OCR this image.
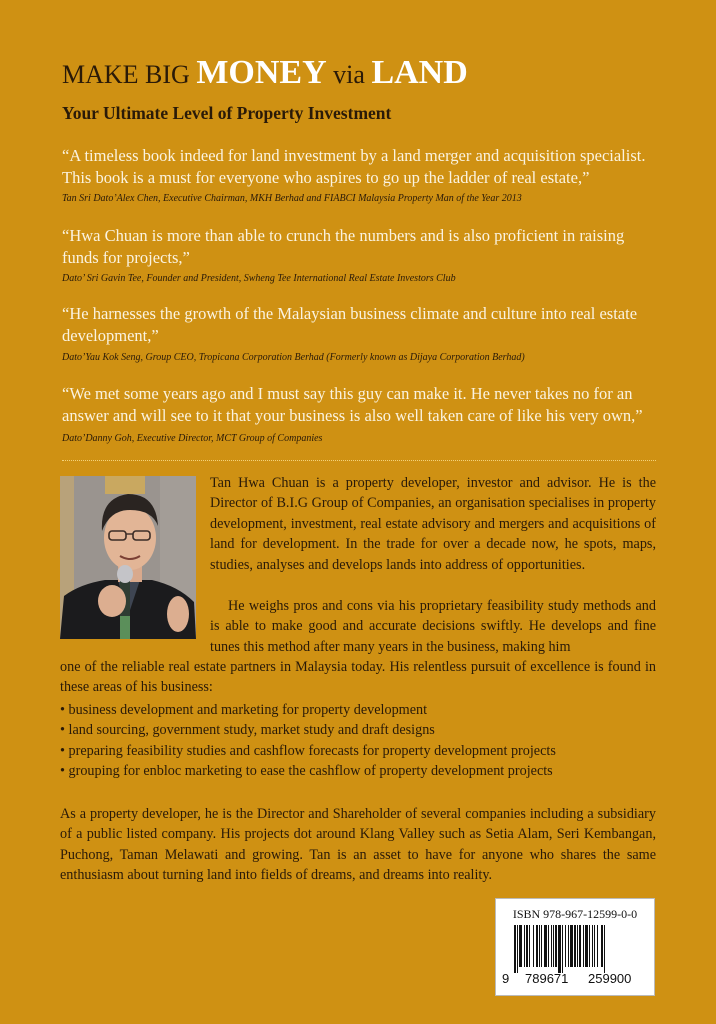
MAKE BIG MONEY via LAND
Your Ultimate Level of Property Investment
“A timeless book indeed for land investment by a land merger and acquisition specialist. This book is a must for everyone who aspires to go up the ladder of real estate,”
Tan Sri Dato’Alex Chen, Executive Chairman, MKH Berhad and FIABCI Malaysia Property Man of the Year 2013
“Hwa Chuan is more than able to crunch the numbers and is also proficient in raising funds for projects,”
Dato’ Sri Gavin Tee, Founder and President, Swheng Tee International Real Estate Investors Club
“He harnesses the growth of the Malaysian business climate and culture into real estate development,”
Dato’Yau Kok Seng, Group CEO, Tropicana Corporation Berhad (Formerly known as Dijaya Corporation Berhad)
“We met some years ago and I must say this guy can make it. He never takes no for an answer and will see to it that your business is also well taken care of like his very own,”
Dato’Danny Goh, Executive Director, MCT Group of Companies
Tan Hwa Chuan is a property developer, investor and advisor. He is the Director of B.I.G Group of Companies, an organisation specialises in property development, investment, real estate advisory and mergers and acquisitions of land for development. In the trade for over a decade now, he spots, maps, studies, analyses and develops lands into address of opportunities.
He weighs pros and cons via his proprietary feasibility study methods and is able to make good and accurate decisions swiftly. He develops and fine tunes this method after many years in the business, making him
one of the reliable real estate partners in Malaysia today. His relentless pursuit of excellence is found in these areas of his business:
• business development and marketing for property development
• land sourcing, government study, market study and draft designs
• preparing feasibility studies and cashflow forecasts for property development projects
• grouping for enbloc marketing to ease the cashflow of property development projects
As a property developer, he is the Director and Shareholder of several companies including a subsidiary of a public listed company. His projects dot around Klang Valley such as Setia Alam, Seri Kembangan, Puchong, Taman Melawati and growing. Tan is an asset to have for anyone who shares the same enthusiasm about turning land into fields of dreams, and dreams into reality.
ISBN 978-967-12599-0-0
9 789671 259900
